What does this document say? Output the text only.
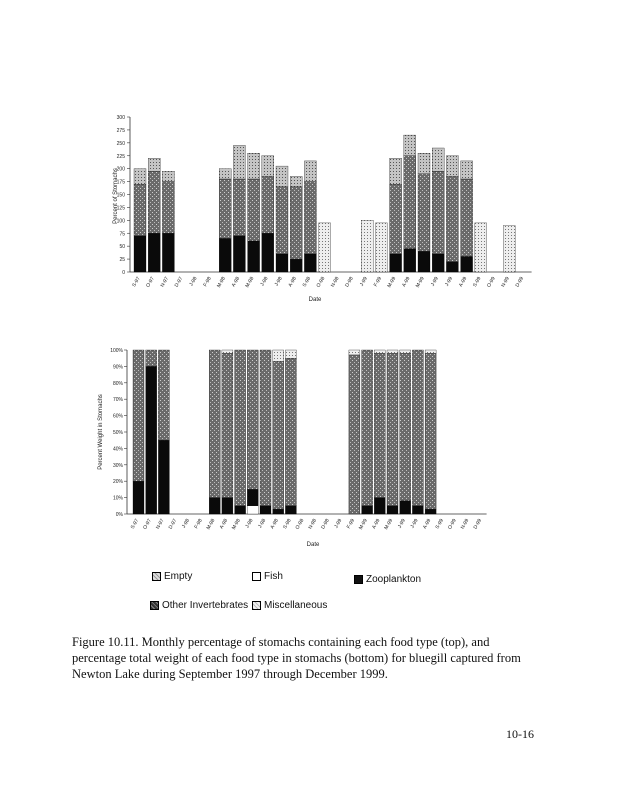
Percent of Stomachs
Date
0
25
50
75
100
125
150
175
200
225
250
275
300
S-97 O-97 N-97 D-97 J-98 F-98 M-98 A-98 M-98 J-98 J-98 A-98 S-98 O-98 N-98 D-98 J-99 F-99 M-99 A-99 M-99 J-99 J-99 A-99 S-99 O-99 N-99 D-99
Percent Weight in Stomachs
Date
0%
10%
20%
30%
40%
50%
60%
70%
80%
90%
100%
S-97 O-97 N-97 D-97 J-98 F-98 M-98 A-98 M-98 J-98 J-98 A-98 S-98 O-98 N-98 D-98 J-99 F-99 M-99 A-99 M-99 J-99 J-99 A-99 S-99 O-99 N-99 D-99
Empty	Fish	Zooplankton
Other Invertebrates Miscellaneous
Figure 10.11. Monthly percentage of stomachs containing each food type (top), and percentage total weight of each food type in stomachs (bottom) for bluegill captured from Newton Lake during September 1997 through December 1999.
10-16
